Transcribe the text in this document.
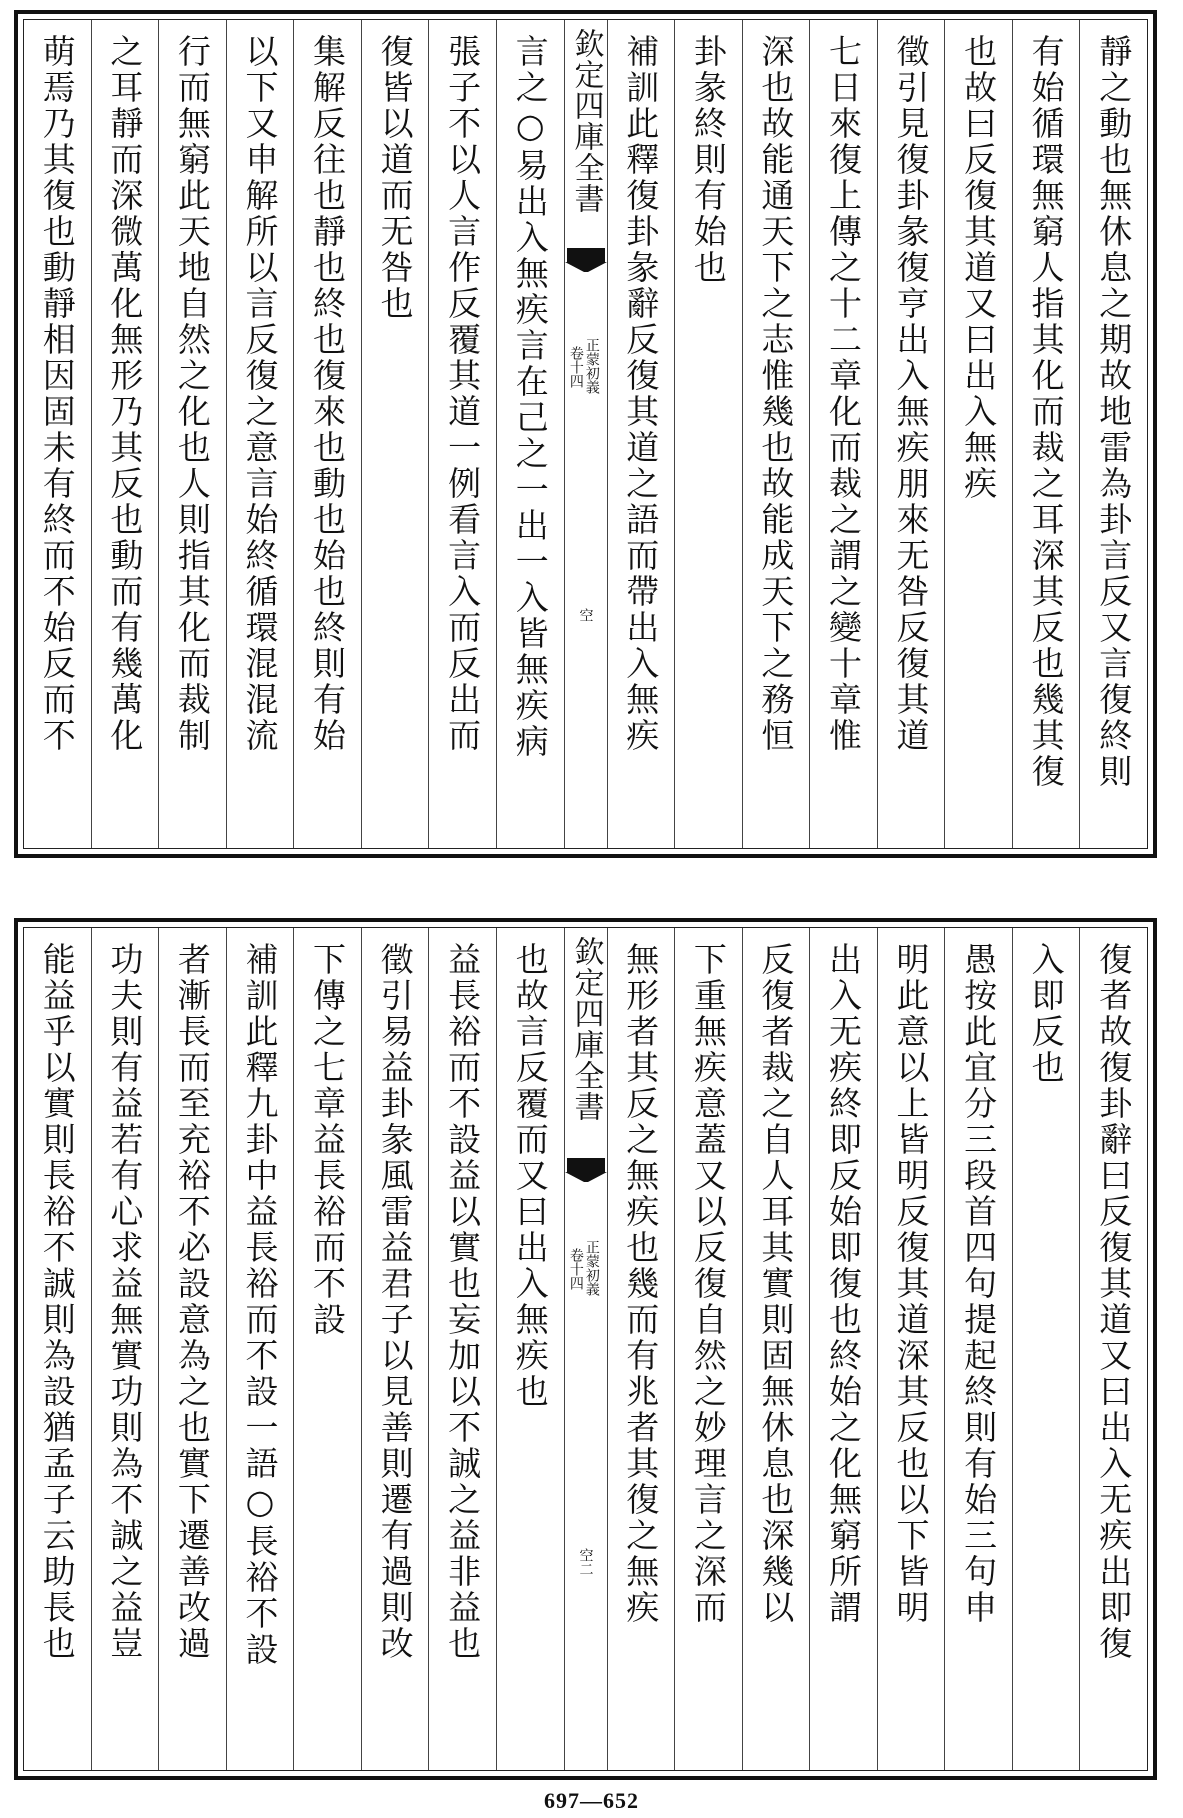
靜之動也無休息之期故地雷為卦言反又言復終則
有始循環無窮人指其化而裁之耳深其反也幾其復
也故曰反復其道又曰出入無疾
徵引見復卦彖復亨出入無疾朋來无咎反復其道
七日來復上傳之十二章化而裁之謂之變十章惟
深也故能通天下之志惟幾也故能成天下之務恒
卦彖終則有始也
補訓此釋復卦彖辭反復其道之語而帶出入無疾
欽定四庫全書
正蒙初義
卷十四
空
言之○易出入無疾言在己之一出一入皆無疾病
張子不以人言作反覆其道一例看言入而反出而
復皆以道而无咎也
集解反往也靜也終也復來也動也始也終則有始
以下又申解所以言反復之意言始終循環混混流
行而無窮此天地自然之化也人則指其化而裁制
之耳靜而深微萬化無形乃其反也動而有幾萬化
萌焉乃其復也動靜相因固未有終而不始反而不
復者故復卦辭曰反復其道又曰出入无疾出即復
入即反也
愚按此宜分三段首四句提起終則有始三句申
明此意以上皆明反復其道深其反也以下皆明
出入无疾終即反始即復也終始之化無窮所謂
反復者裁之自人耳其實則固無休息也深幾以
下重無疾意蓋又以反復自然之妙理言之深而
無形者其反之無疾也幾而有兆者其復之無疾
欽定四庫全書
正蒙初義
卷十四
空二
也故言反覆而又曰出入無疾也
益長裕而不設益以實也妄加以不誠之益非益也
徵引易益卦彖風雷益君子以見善則遷有過則改
下傳之七章益長裕而不設
補訓此釋九卦中益長裕而不設一語○長裕不設
者漸長而至充裕不必設意為之也實下遷善改過
功夫則有益若有心求益無實功則為不誠之益豈
能益乎以實則長裕不誠則為設猶孟子云助長也
697—652
